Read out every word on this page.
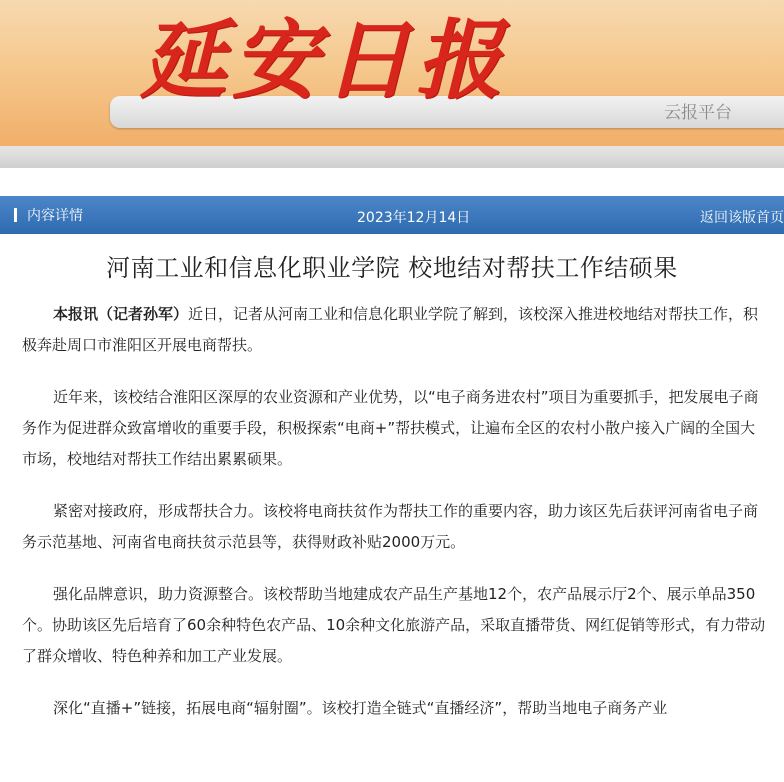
延安日报
云报平台
内容详情	2023年12月14日	返回该版首页
河南工业和信息化职业学院 校地结对帮扶工作结硕果

本报讯（记者孙军）近日，记者从河南工业和信息化职业学院了解到，该校深入推进校地结对帮扶工作，积极奔赴周口市淮阳区开展电商帮扶。

近年来，该校结合淮阳区深厚的农业资源和产业优势，以“电子商务进农村”项目为重要抓手，把发展电子商务作为促进群众致富增收的重要手段，积极探索“电商+”帮扶模式，让遍布全区的农村小散户接入广阔的全国大市场，校地结对帮扶工作结出累累硕果。

紧密对接政府，形成帮扶合力。该校将电商扶贫作为帮扶工作的重要内容，助力该区先后获评河南省电子商务示范基地、河南省电商扶贫示范县等，获得财政补贴2000万元。

强化品牌意识，助力资源整合。该校帮助当地建成农产品生产基地12个，农产品展示厅2个、展示单品350个。协助该区先后培育了60余种特色农产品、10余种文化旅游产品，采取直播带货、网红促销等形式，有力带动了群众增收、特色种养和加工产业发展。

深化“直播+”链接，拓展电商“辐射圈”。该校打造全链式“直播经济”，帮助当地电子商务产业
